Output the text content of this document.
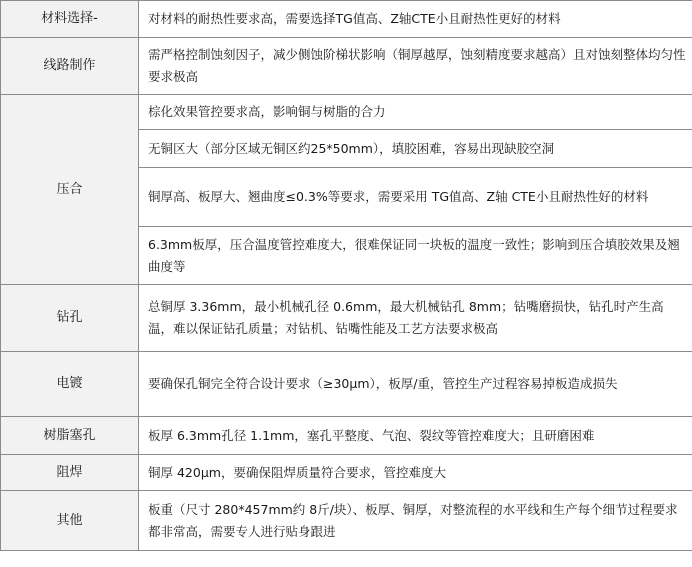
材料选择-	对材料的耐热性要求高，需要选择TG值高、Z轴CTE小且耐热性更好的材料
线路制作	需严格控制蚀刻因子，减少侧蚀阶梯状影响（铜厚越厚，蚀刻精度要求越高）且对蚀刻整体均匀性要求极高
压合	棕化效果管控要求高，影响铜与树脂的合力
	无铜区大（部分区域无铜区约25*50mm），填胶困难，容易出现缺胶空洞
	铜厚高、板厚大、翘曲度≤0.3%等要求，需要采用 TG值高、Z轴 CTE小且耐热性好的材料
	6.3mm板厚，压合温度管控难度大，很难保证同一块板的温度一致性；影响到压合填胶效果及翘曲度等
钻孔	总铜厚 3.36mm，最小机械孔径 0.6mm，最大机械钻孔 8mm；钻嘴磨损快，钻孔时产生高温，难以保证钻孔质量；对钻机、钻嘴性能及工艺方法要求极高
电镀	要确保孔铜完全符合设计要求（≥30μm），板厚/重，管控生产过程容易掉板造成损失
树脂塞孔	板厚 6.3mm孔径 1.1mm，塞孔平整度、气泡、裂纹等管控难度大；且研磨困难
阻焊	铜厚 420μm，要确保阻焊质量符合要求，管控难度大
其他	板重（尺寸 280*457mm约 8斤/块）、板厚、铜厚，对整流程的水平线和生产每个细节过程要求都非常高，需要专人进行贴身跟进
